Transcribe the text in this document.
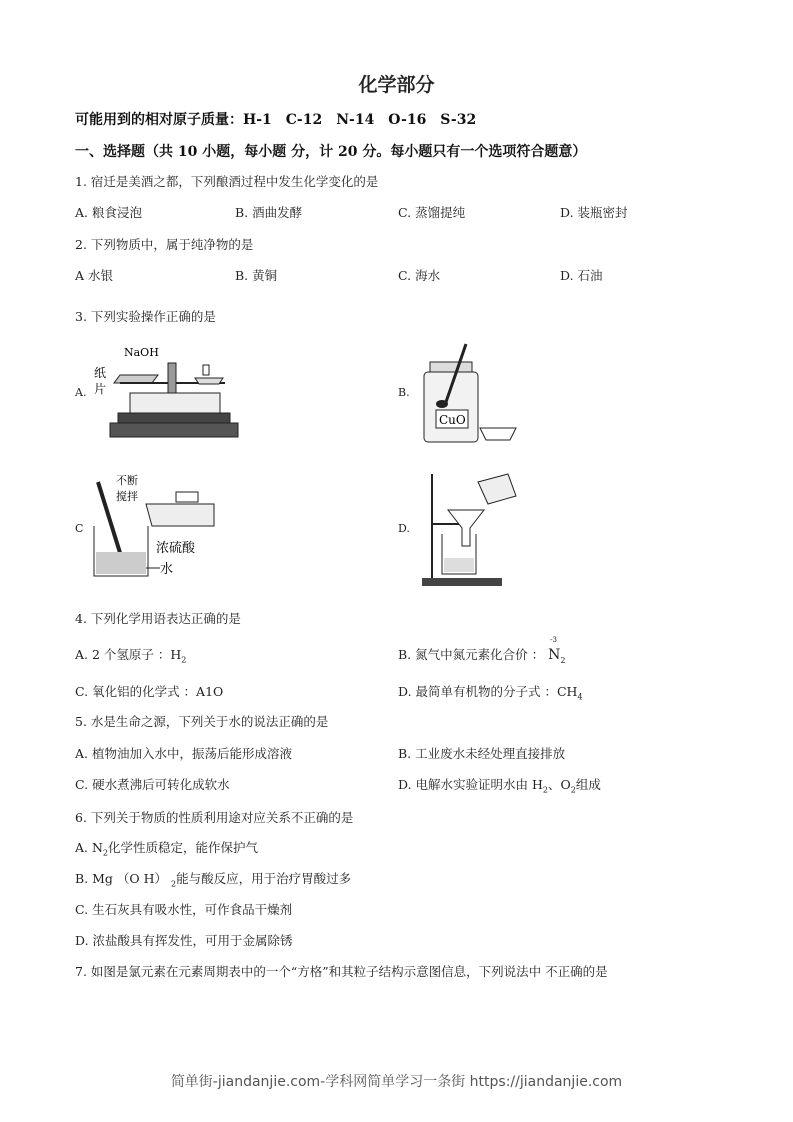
化学部分
可能用到的相对原子质量：H-1　C-12　N-14　O-16　S-32
一、选择题（共 10 小题，每小题 分，计 20 分。每小题只有一个选项符合题意）
1. 宿迁是美酒之都，下列酿酒过程中发生化学变化的是
A. 粮食浸泡	B. 酒曲发酵	C. 蒸馏提纯	D. 装瓶密封
2. 下列物质中，属于纯净物的是
A 水银	B. 黄铜	C. 海水	D. 石油
3. 下列实验操作正确的是
A.	B.
C	D.
NaOH
纸
片
CuO
不断
搅拌
浓硫酸
水
4. 下列化学用语表达正确的是
A. 2 个氢原子 ：$H_2$	B. 氮气中氮元素化合价 ：
-3
$N_2$
C. 氧化铝的化学式 ：A1O	D. 最简单有机物的分子式 ：$CH_4$
5. 水是生命之源，下列关于水的说法正确的是
A. 植物油加入水中，振荡后能形成溶液	B. 工业废水未经处理直接排放
C. 硬水煮沸后可转化成软水	D. 电解水实验证明水由 $H_2$、$O_2$组成
6. 下列关于物质的性质利用途对应关系不正确的是
A. $N_2$化学性质稳定，能作保护气
B. Mg （O H） $_2$能与酸反应，用于治疗胃酸过多
C. 生石灰具有吸水性，可作食品干燥剂
D. 浓盐酸具有挥发性，可用于金属除锈
7. 如图是氯元素在元素周期表中的一个“方格”和其粒子结构示意图信息，下列说法中 不正确的是
简单街-jiandanjie.com-学科网简单学习一条街 https://jiandanjie.com
